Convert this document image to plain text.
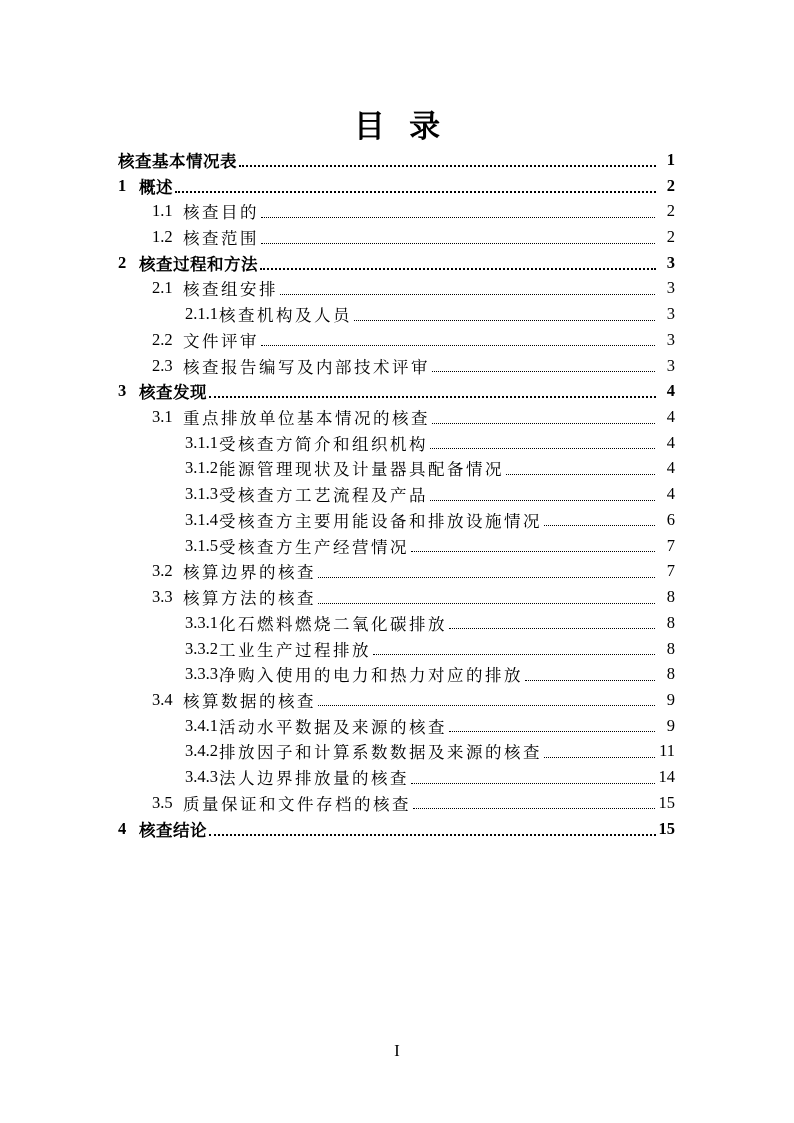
目录
核查基本情况表	1
1 概述	2
1.1 核查目的	2
1.2 核查范围	2
2 核查过程和方法	3
2.1 核查组安排	3
2.1.1 核查机构及人员	3
2.2 文件评审	3
2.3 核查报告编写及内部技术评审	3
3 核查发现	4
3.1 重点排放单位基本情况的核查	4
3.1.1 受核查方简介和组织机构	4
3.1.2 能源管理现状及计量器具配备情况	4
3.1.3 受核查方工艺流程及产品	4
3.1.4 受核查方主要用能设备和排放设施情况	6
3.1.5 受核查方生产经营情况	7
3.2 核算边界的核查	7
3.3 核算方法的核查	8
3.3.1 化石燃料燃烧二氧化碳排放	8
3.3.2 工业生产过程排放	8
3.3.3 净购入使用的电力和热力对应的排放	8
3.4 核算数据的核查	9
3.4.1 活动水平数据及来源的核查	9
3.4.2 排放因子和计算系数数据及来源的核查	11
3.4.3 法人边界排放量的核查	14
3.5 质量保证和文件存档的核查	15
4 核查结论	15
I
